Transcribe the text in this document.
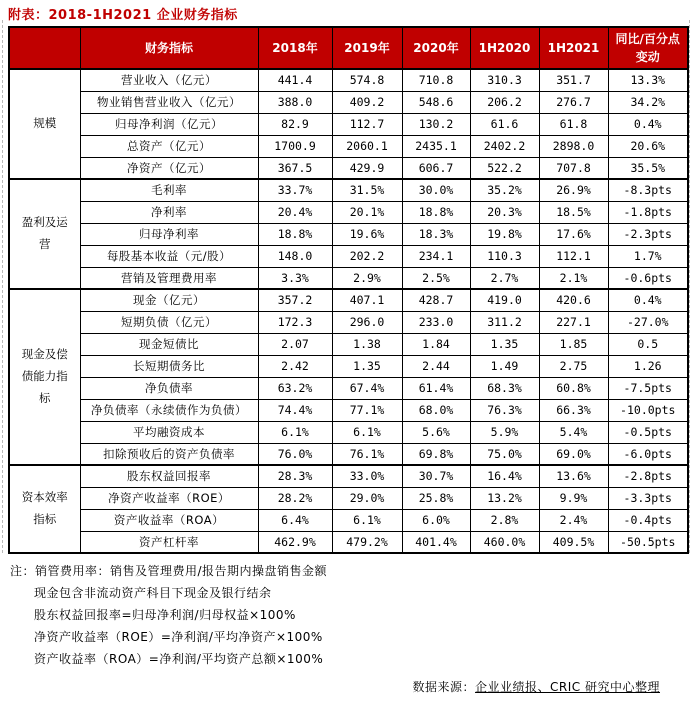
附表：2018-1H2021 企业财务指标
	财务指标	2018年	2019年	2020年	1H2020	1H2021	同比/百分点变动
规模	营业收入（亿元）	441.4	574.8	710.8	310.3	351.7	13.3%
	物业销售营业收入（亿元）	388.0	409.2	548.6	206.2	276.7	34.2%
	归母净利润（亿元）	82.9	112.7	130.2	61.6	61.8	0.4%
	总资产（亿元）	1700.9	2060.1	2435.1	2402.2	2898.0	20.6%
	净资产（亿元）	367.5	429.9	606.7	522.2	707.8	35.5%
盈利及运营	毛利率	33.7%	31.5%	30.0%	35.2%	26.9%	-8.3pts
	净利率	20.4%	20.1%	18.8%	20.3%	18.5%	-1.8pts
	归母净利率	18.8%	19.6%	18.3%	19.8%	17.6%	-2.3pts
	每股基本收益（元/股）	148.0	202.2	234.1	110.3	112.1	1.7%
	营销及管理费用率	3.3%	2.9%	2.5%	2.7%	2.1%	-0.6pts
现金及偿债能力指标	现金（亿元）	357.2	407.1	428.7	419.0	420.6	0.4%
	短期负债（亿元）	172.3	296.0	233.0	311.2	227.1	-27.0%
	现金短债比	2.07	1.38	1.84	1.35	1.85	0.5
	长短期债务比	2.42	1.35	2.44	1.49	2.75	1.26
	净负债率	63.2%	67.4%	61.4%	68.3%	60.8%	-7.5pts
	净负债率（永续债作为负债）	74.4%	77.1%	68.0%	76.3%	66.3%	-10.0pts
	平均融资成本	6.1%	6.1%	5.6%	5.9%	5.4%	-0.5pts
	扣除预收后的资产负债率	76.0%	76.1%	69.8%	75.0%	69.0%	-6.0pts
资本效率指标	股东权益回报率	28.3%	33.0%	30.7%	16.4%	13.6%	-2.8pts
	净资产收益率（ROE）	28.2%	29.0%	25.8%	13.2%	9.9%	-3.3pts
	资产收益率（ROA）	6.4%	6.1%	6.0%	2.8%	2.4%	-0.4pts
	资产杠杆率	462.9%	479.2%	401.4%	460.0%	409.5%	-50.5pts
注：销管费用率：销售及管理费用/报告期内操盘销售金额
现金包含非流动资产科目下现金及银行结余
股东权益回报率=归母净利润/归母权益×100%
净资产收益率（ROE）=净利润/平均净资产×100%
资产收益率（ROA）=净利润/平均资产总额×100%
数据来源：企业业绩报、CRIC 研究中心整理
